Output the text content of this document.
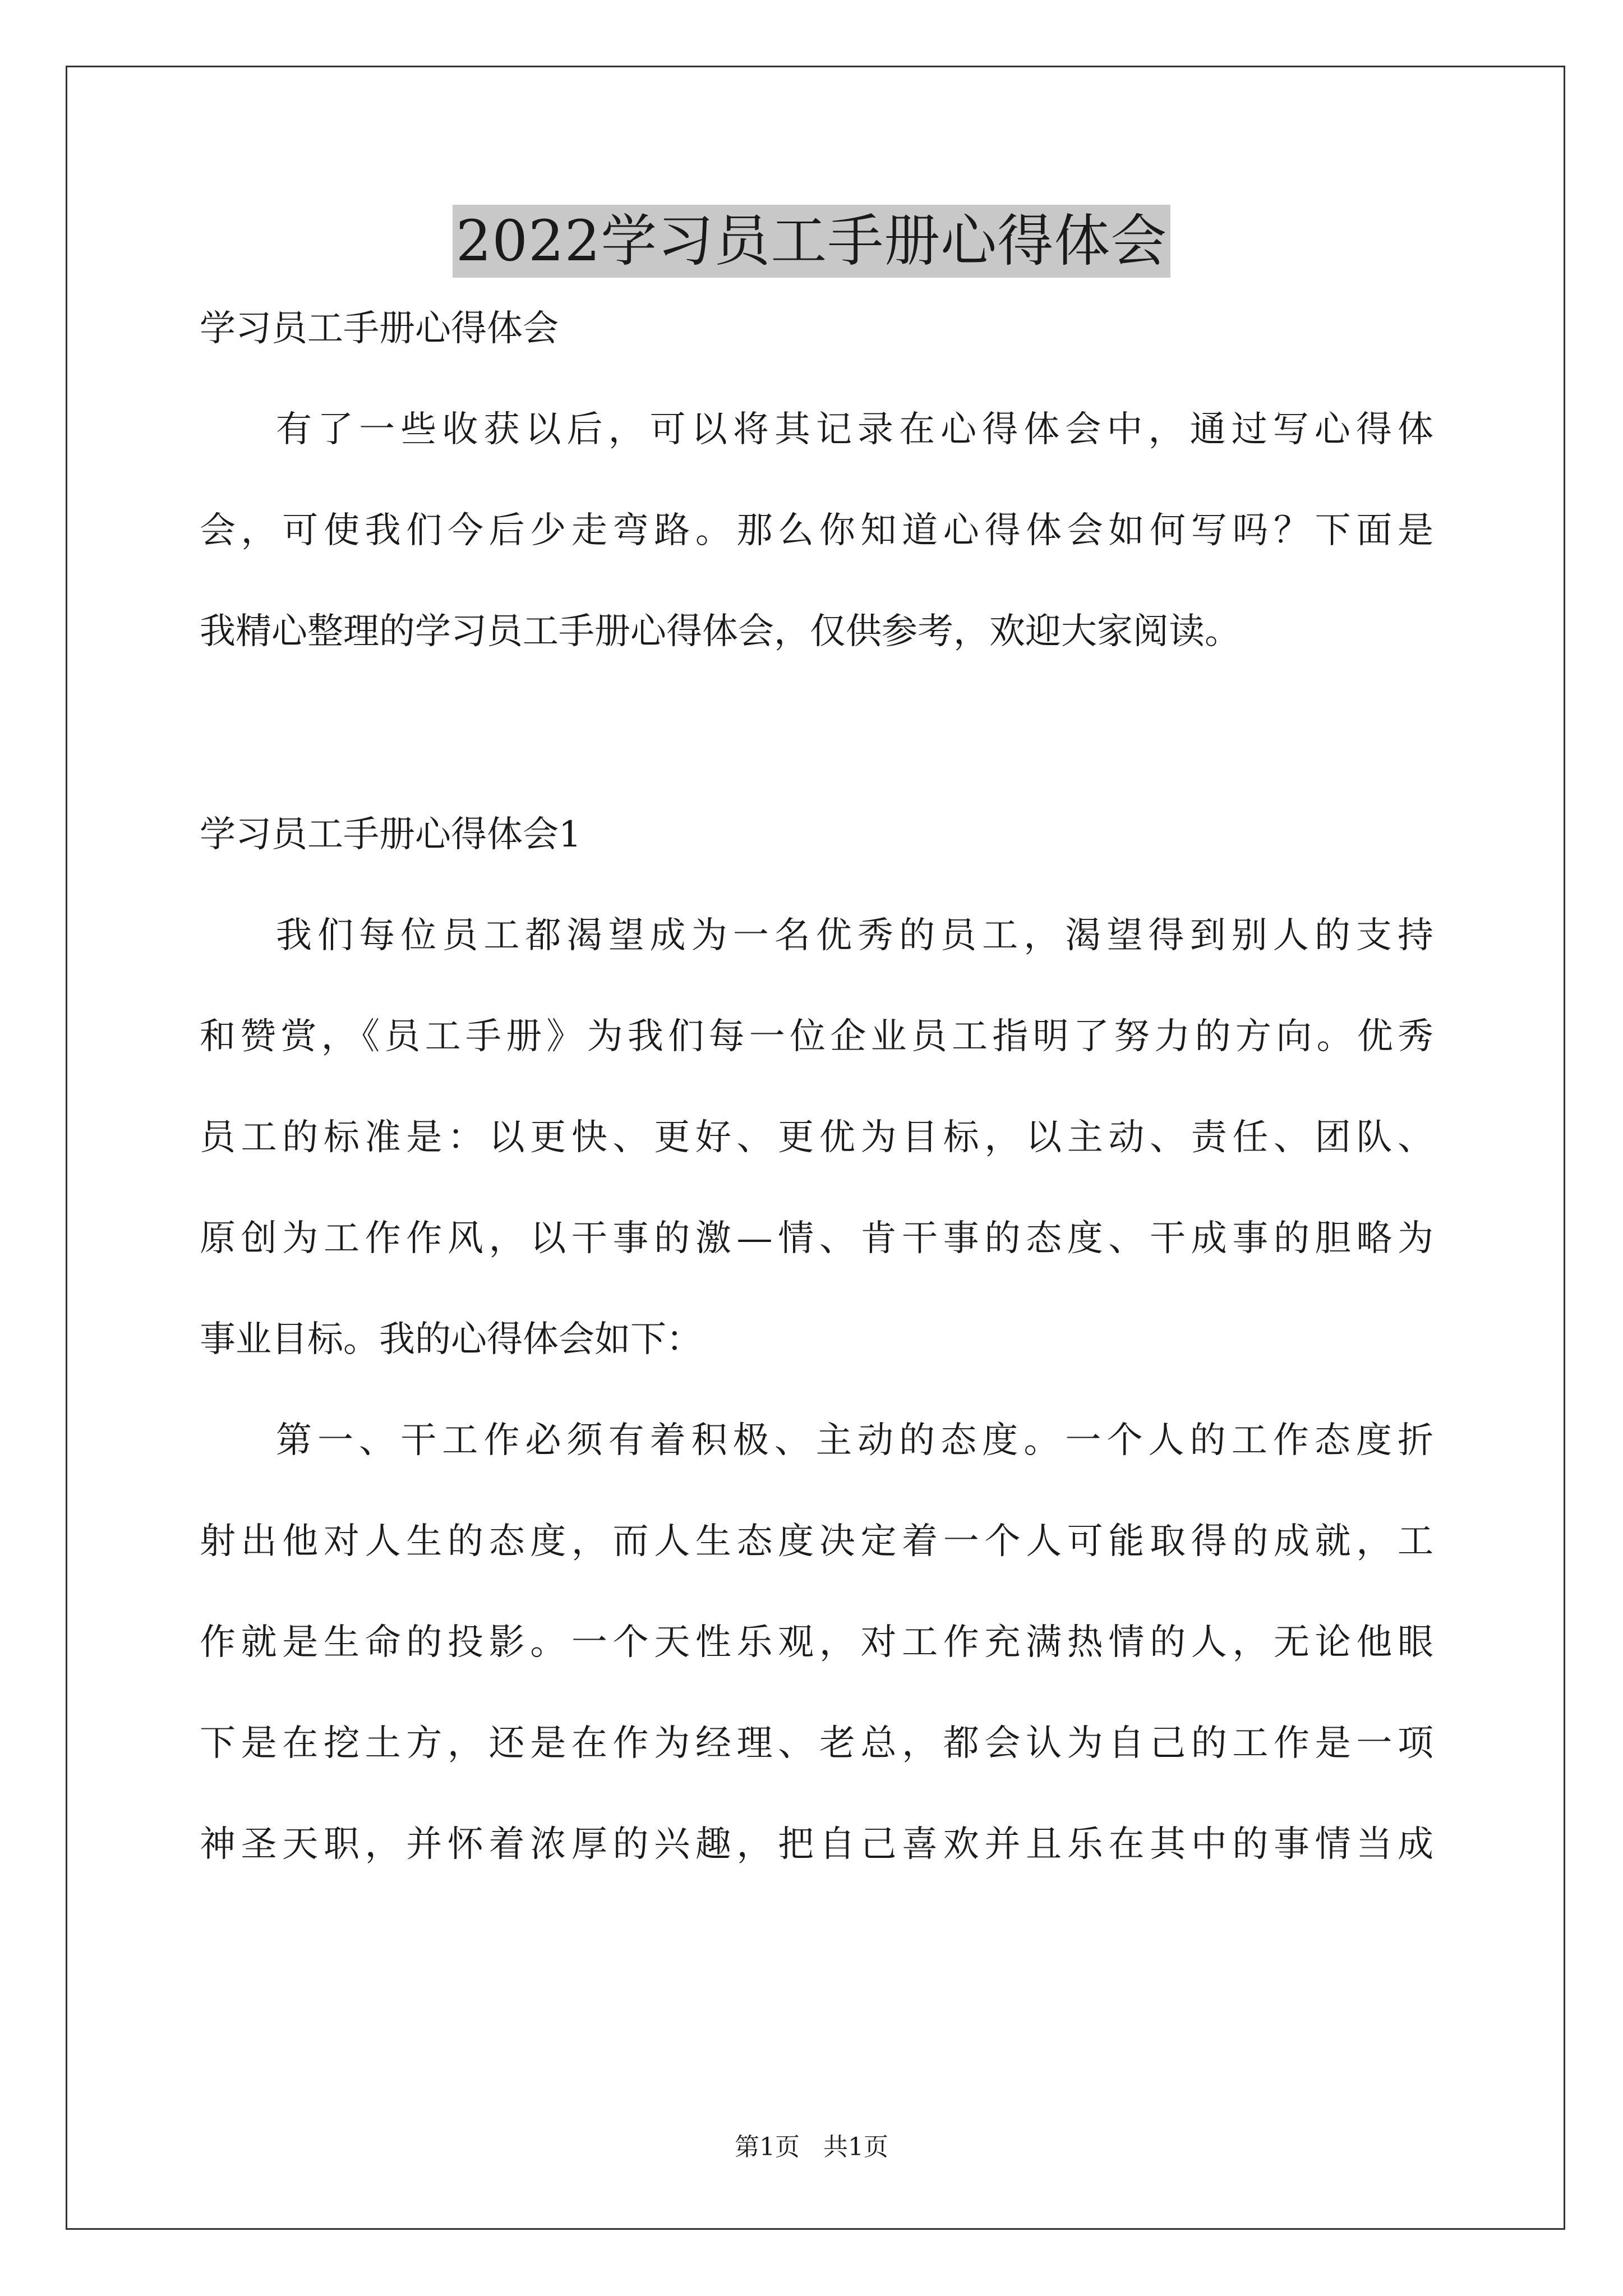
2022学习员工手册心得体会

学习员工手册心得体会

有了一些收获以后，可以将其记录在心得体会中，通过写心得体
会，可使我们今后少走弯路。那么你知道心得体会如何写吗？下面是
我精心整理的学习员工手册心得体会，仅供参考，欢迎大家阅读。

学习员工手册心得体会1

我们每位员工都渴望成为一名优秀的员工，渴望得到别人的支持
和赞赏，《员工手册》为我们每一位企业员工指明了努力的方向。优秀
员工的标准是：以更快、更好、更优为目标，以主动、责任、团队、
原创为工作作风，以干事的激—情、肯干事的态度、干成事的胆略为
事业目标。我的心得体会如下：
第一、干工作必须有着积极、主动的态度。一个人的工作态度折
射出他对人生的态度，而人生态度决定着一个人可能取得的成就，工
作就是生命的投影。一个天性乐观，对工作充满热情的人，无论他眼
下是在挖土方，还是在作为经理、老总，都会认为自己的工作是一项
神圣天职，并怀着浓厚的兴趣，把自己喜欢并且乐在其中的事情当成
第1页 共1页
